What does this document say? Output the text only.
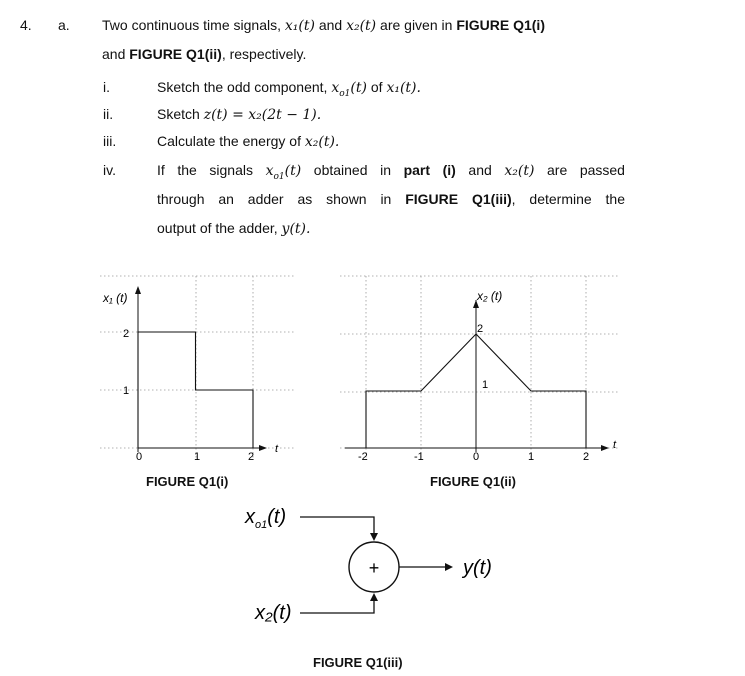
4. a. Two continuous time signals, x₁(t) and x₂(t) are given in FIGURE Q1(i)
and FIGURE Q1(ii), respectively.
i.	Sketch the odd component, $x_{o1}(t)$ of x₁(t).
ii.	Sketch z(t) = x₂(2t − 1).
iii.	Calculate the energy of x₂(t).
iv.	If the signals $x_{o1}(t)$ obtained in part (i) and x₂(t) are passed
through an adder as shown in FIGURE Q1(iii), determine the
output of the adder, y(t).
x₁ (t)
2
1
0	1	2
t
FIGURE Q1(i)
x₂ (t)
2
1
-2	-1	0	1	2
t
FIGURE Q1(ii)
$x_{o1}(t)$
+
x₂(t)
y(t)
FIGURE Q1(iii)
